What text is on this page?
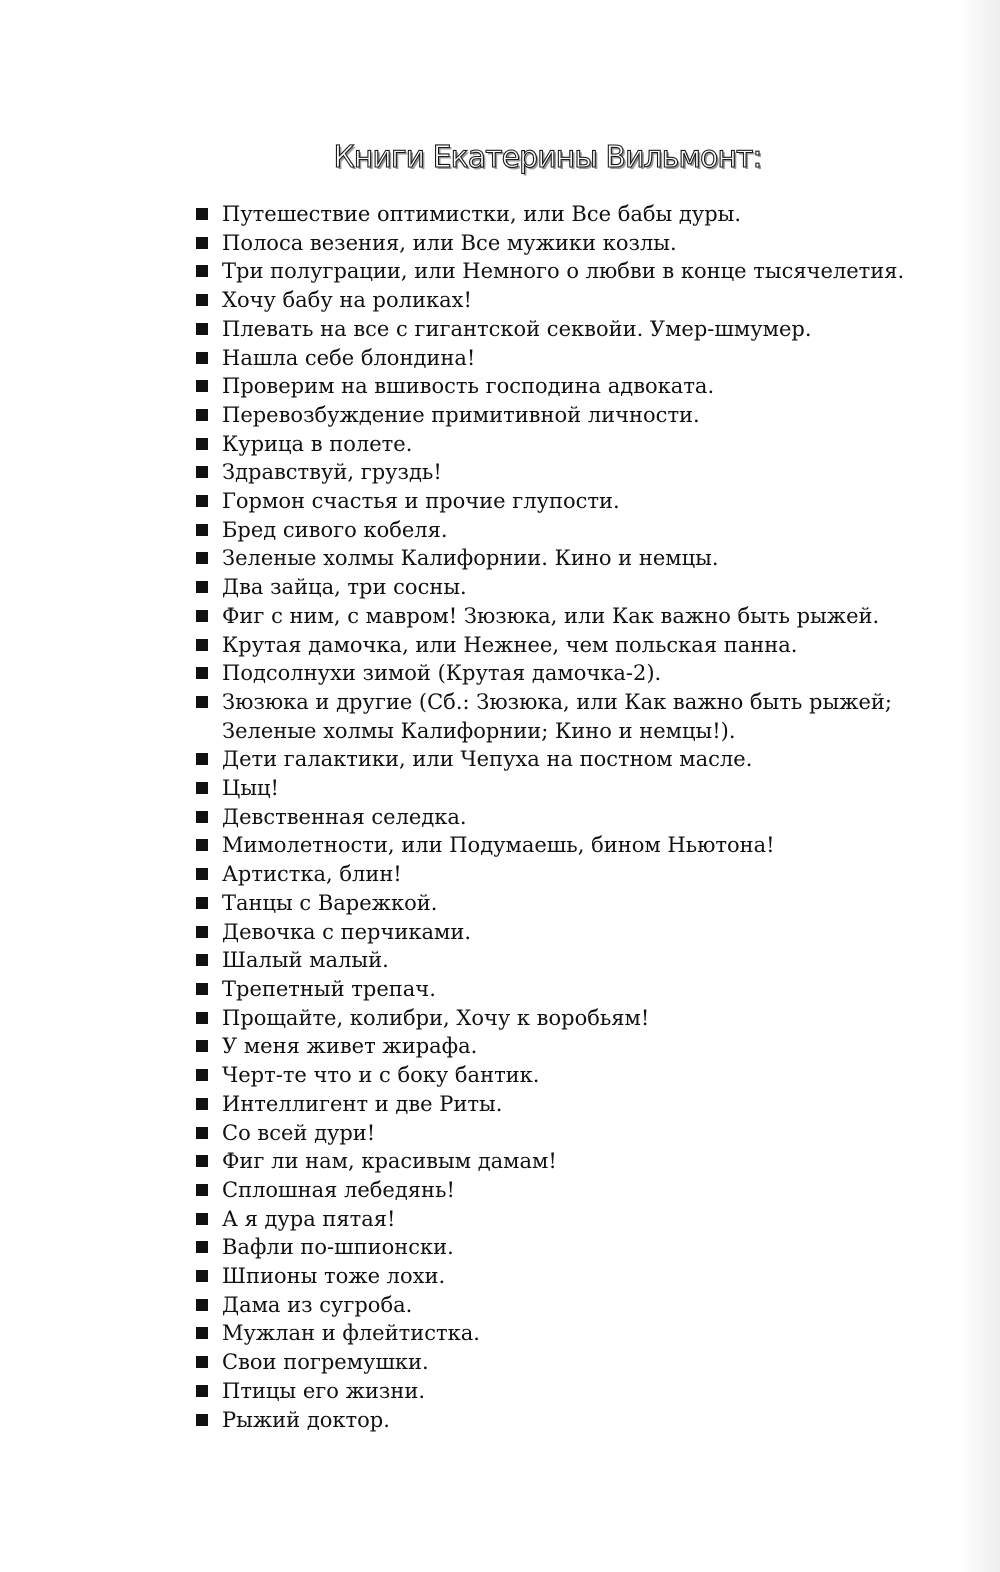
Книги Екатерины Вильмонт:
Путешествие оптимистки, или Все бабы дуры.
Полоса везения, или Все мужики козлы.
Три полуграции, или Немного о любви в конце тысячелетия.
Хочу бабу на роликах!
Плевать на все с гигантской секвойи. Умер-шмумер.
Нашла себе блондина!
Проверим на вшивость господина адвоката.
Перевозбуждение примитивной личности.
Курица в полете.
Здравствуй, груздь!
Гормон счастья и прочие глупости.
Бред сивого кобеля.
Зеленые холмы Калифорнии. Кино и немцы.
Два зайца, три сосны.
Фиг с ним, с мавром! Зюзюка, или Как важно быть рыжей.
Крутая дамочка, или Нежнее, чем польская панна.
Подсолнухи зимой (Крутая дамочка-2).
Зюзюка и другие (Сб.: Зюзюка, или Как важно быть рыжей; Зеленые холмы Калифорнии; Кино и немцы!).
Дети галактики, или Чепуха на постном масле.
Цыц!
Девственная селедка.
Мимолетности, или Подумаешь, бином Ньютона!
Артистка, блин!
Танцы с Варежкой.
Девочка с перчиками.
Шалый малый.
Трепетный трепач.
Прощайте, колибри, Хочу к воробьям!
У меня живет жирафа.
Черт-те что и с боку бантик.
Интеллигент и две Риты.
Со всей дури!
Фиг ли нам, красивым дамам!
Сплошная лебедянь!
А я дура пятая!
Вафли по-шпионски.
Шпионы тоже лохи.
Дама из сугроба.
Мужлан и флейтистка.
Свои погремушки.
Птицы его жизни.
Рыжий доктор.
